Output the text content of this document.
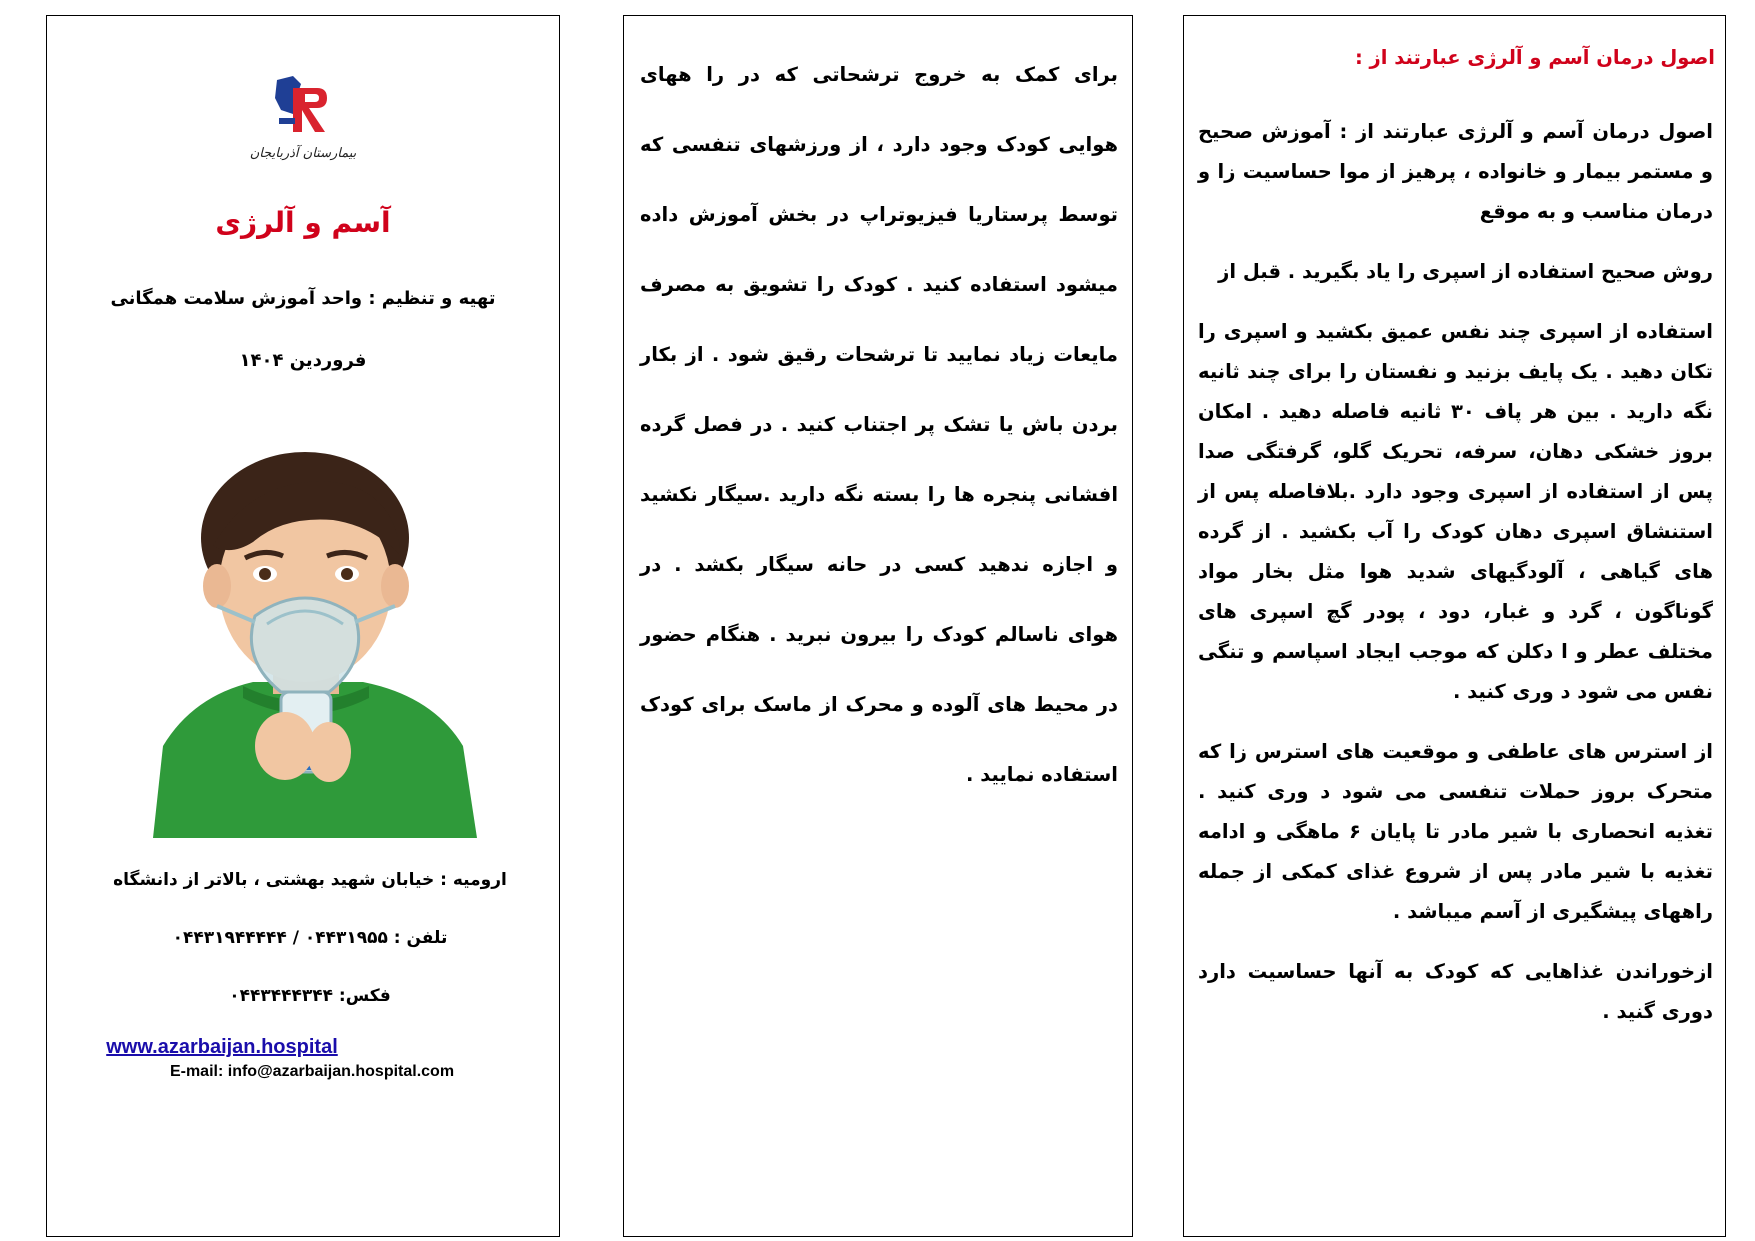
بیمارستان آذربایجان
آسم و آلرژی
تهیه و تنظیم : واحد آموزش سلامت همگانی
فروردین ۱۴۰۴
ارومیه : خیابان شهید بهشتی ، بالاتر از دانشگاه
تلفن : ۰۴۴۳۱۹۵۵ / ۰۴۴۳۱۹۴۴۴۴۴
فکس: ۰۴۴۳۴۴۴۳۴۴
www.azarbaijan.hospital
E-mail: info@azarbaijan.hospital.com
برای کمک به خروج ترشحاتی که در را ههای هوایی کودک وجود دارد ، از ورزشهای تنفسی که توسط پرستاریا فیزیوتراپ در بخش آموزش داده میشود استفاده کنید . کودک را تشویق به مصرف مایعات زیاد نمایید تا ترشحات رقیق شود . از بکار بردن باش یا تشک پر اجتناب کنید . در فصل گرده افشانی پنجره ها را بسته نگه دارید .سیگار نکشید و اجازه ندهید کسی در حانه سیگار بکشد . در هوای ناسالم کودک را بیرون نبرید . هنگام حضور در محیط های آلوده و محرک از ماسک برای کودک استفاده نمایید .
اصول درمان آسم و آلرژی عبارتند از :

اصول درمان آسم و آلرژی عبارتند از : آموزش صحیح و مستمر بیمار و خانواده ، پرهیز از موا حساسیت زا و درمان مناسب و به موقع

روش صحیح استفاده از اسپری را یاد بگیرید . قبل از

استفاده از اسپری چند نفس عمیق بکشید و اسپری را تکان دهید . یک پایف بزنید و نفستان را برای چند ثانیه نگه دارید . بین هر پاف ۳۰ ثانیه فاصله دهید . امکان بروز خشکی دهان، سرفه، تحریک گلو، گرفتگی صدا پس از استفاده از اسپری وجود دارد .بلافاصله پس از استنشاق اسپری دهان کودک را آب بکشید . از گرده های گیاهی ، آلودگیهای شدید هوا مثل بخار مواد گوناگون ، گرد و غبار، دود ، پودر گچ اسپری های مختلف عطر و ا دکلن که موجب ایجاد اسپاسم و تنگی نفس می شود د وری کنید .

از استرس های عاطفی و موقعیت های استرس زا که متحرک بروز حملات تنفسی می شود د وری کنید . تغذیه انحصاری با شیر مادر تا پایان ۶ ماهگی و ادامه تغذیه با شیر مادر پس از شروع غذای کمکی از جمله راههای پیشگیری از آسم میباشد .

ازخوراندن غذاهایی که کودک به آنها حساسیت دارد دوری گنید .
